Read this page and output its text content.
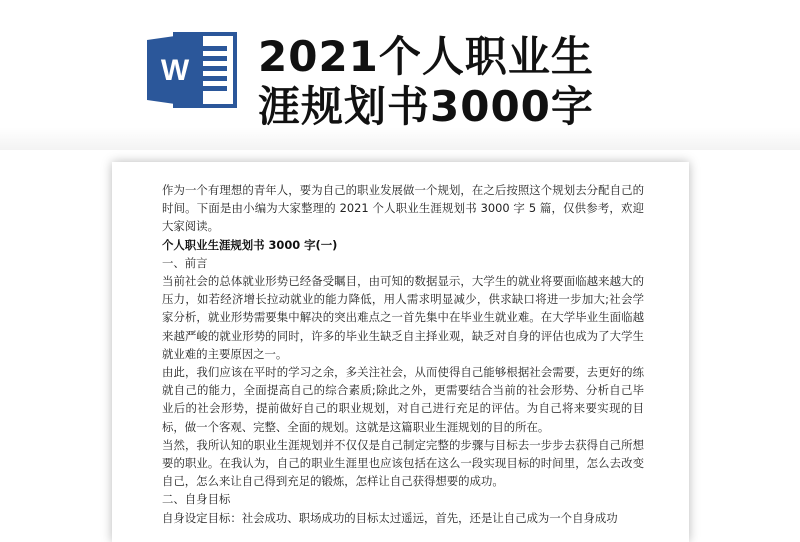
W 2021个人职业生
涯规划书3000字

作为一个有理想的青年人，要为自己的职业发展做一个规划，在之后按照这个规划去分配自己的时间。下面是由小编为大家整理的 2021 个人职业生涯规划书 3000 字 5 篇，仅供参考，欢迎大家阅读。

个人职业生涯规划书 3000 字(一)

一、前言

当前社会的总体就业形势已经备受瞩目，由可知的数据显示，大学生的就业将要面临越来越大的压力，如若经济增长拉动就业的能力降低，用人需求明显减少，供求缺口将进一步加大;社会学家分析，就业形势需要集中解决的突出难点之一首先集中在毕业生就业难。在大学毕业生面临越来越严峻的就业形势的同时，许多的毕业生缺乏自主择业观，缺乏对自身的评估也成为了大学生就业难的主要原因之一。

由此，我们应该在平时的学习之余，多关注社会，从而使得自己能够根据社会需要，去更好的练就自己的能力，全面提高自己的综合素质;除此之外，更需要结合当前的社会形势、分析自己毕业后的社会形势，提前做好自己的职业规划，对自己进行充足的评估。为自己将来要实现的目标，做一个客观、完整、全面的规划。这就是这篇职业生涯规划的目的所在。

当然，我所认知的职业生涯规划并不仅仅是自己制定完整的步骤与目标去一步步去获得自己所想要的职业。在我认为，自己的职业生涯里也应该包括在这么一段实现目标的时间里，怎么去改变自己，怎么来让自己得到充足的锻炼，怎样让自己获得想要的成功。

二、自身目标

自身设定目标：社会成功、职场成功的目标太过遥远，首先，还是让自己成为一个自身成功
